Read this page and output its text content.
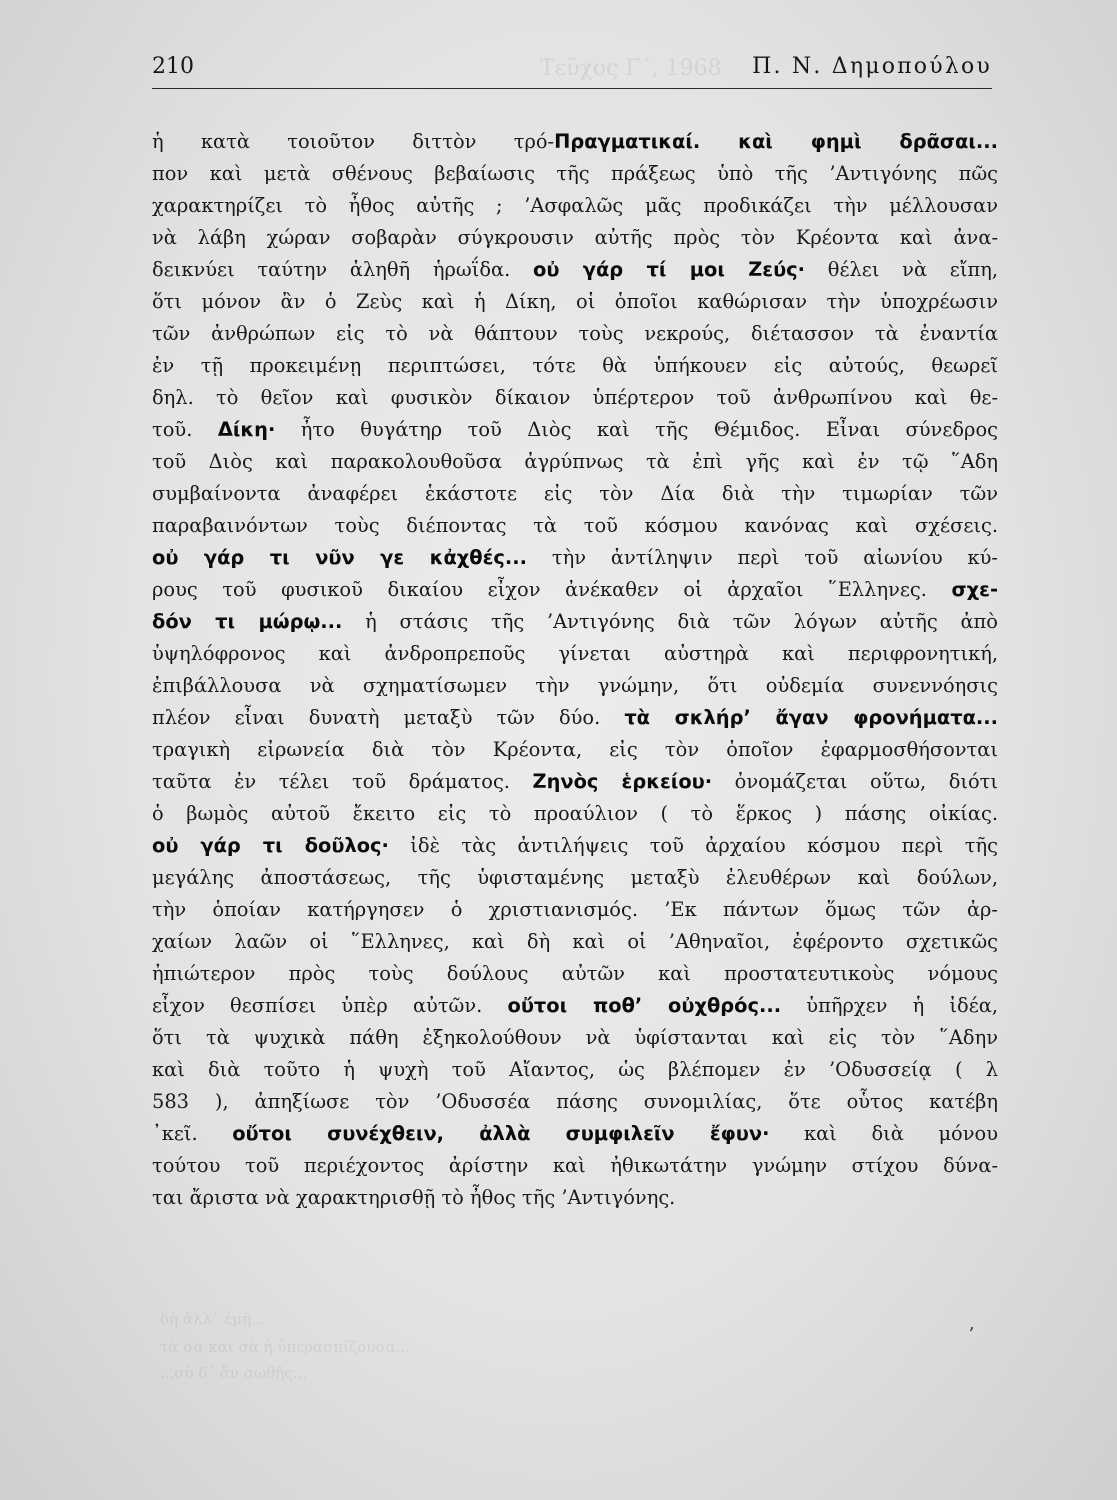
Τεῦχος Γ΄, 1968
δὴ ἀλλ᾿ ἐμῇ...
τὰ σὰ καὶ σὰ ἡ ὑπερασπίζουσα...
...σὺ δ᾿ ἄν σωθῇς...
210	Π. Ν. Δημοπούλου
ἡ κατὰ τοιοῦτον διττὸν τρό-Πραγματικαί. καὶ φημὶ δρᾶσαι...
πον καὶ μετὰ σθένους βεβαίωσις τῆς πράξεως ὑπὸ τῆς ’Αντιγόνης πῶς
χαρακτηρίζει τὸ ἦθος αὐτῆς ; ’Ασφαλῶς μᾶς προδικάζει τὴν μέλλουσαν
νὰ λάβη χώραν σοβαρὰν σύγκρουσιν αὐτῆς πρὸς τὸν Κρέοντα καὶ ἀνα-
δεικνύει ταύτην ἀληθῆ ἡρωΐδα. οὐ γάρ τί μοι Ζεύς· θέλει νὰ εἴπη,
ὅτι μόνον ἂν ὁ Ζεὺς καὶ ἡ Δίκη, οἱ ὁποῖοι καθώρισαν τὴν ὑποχρέωσιν
τῶν ἀνθρώπων εἰς τὸ νὰ θάπτουν τοὺς νεκρούς, διέτασσον τὰ ἐναντία
ἐν τῇ προκειμένῃ περιπτώσει, τότε θὰ ὑπήκουεν εἰς αὐτούς, θεωρεῖ
δηλ. τὸ θεῖον καὶ φυσικὸν δίκαιον ὑπέρτερον τοῦ ἀνθρωπίνου καὶ θε-
τοῦ. Δίκη· ἦτο θυγάτηρ τοῦ Διὸς καὶ τῆς Θέμιδος. Εἶναι σύνεδρος
τοῦ Διὸς καὶ παρακολουθοῦσα ἀγρύπνως τὰ ἐπὶ γῆς καὶ ἐν τῷ ῞Αδη
συμβαίνοντα ἀναφέρει ἑκάστοτε εἰς τὸν Δία διὰ τὴν τιμωρίαν τῶν
παραβαινόντων τοὺς διέποντας τὰ τοῦ κόσμου κανόνας καὶ σχέσεις.
οὐ γάρ τι νῦν γε κἀχθές... τὴν ἀντίληψιν περὶ τοῦ αἰωνίου κύ-
ρους τοῦ φυσικοῦ δικαίου εἶχον ἀνέκαθεν οἱ ἀρχαῖοι ῞Ελληνες. σχε-
δόν τι μώρῳ... ἡ στάσις τῆς ’Αντιγόνης διὰ τῶν λόγων αὐτῆς ἀπὸ
ὑψηλόφρονος καὶ ἀνδροπρεποῦς γίνεται αὐστηρὰ καὶ περιφρονητική,
ἐπιβάλλουσα νὰ σχηματίσωμεν τὴν γνώμην, ὅτι οὐδεμία συνεννόησις
πλέον εἶναι δυνατὴ μεταξὺ τῶν δύο. τὰ σκλήρ’ ἄγαν φρονήματα...
τραγικὴ εἰρωνεία διὰ τὸν Κρέοντα, εἰς τὸν ὁποῖον ἐφαρμοσθήσονται
ταῦτα ἐν τέλει τοῦ δράματος. Ζηνὸς ἑρκείου· ὀνομάζεται οὕτω, διότι
ὁ βωμὸς αὐτοῦ ἔκειτο εἰς τὸ προαύλιον ( τὸ ἕρκος ) πάσης οἰκίας.
οὐ γάρ τι δοῦλος· ἰδὲ τὰς ἀντιλήψεις τοῦ ἀρχαίου κόσμου περὶ τῆς
μεγάλης ἀποστάσεως, τῆς ὑφισταμένης μεταξὺ ἐλευθέρων καὶ δούλων,
τὴν ὁποίαν κατήργησεν ὁ χριστιανισμός. ’Εκ πάντων ὅμως τῶν ἀρ-
χαίων λαῶν οἱ ῞Ελληνες, καὶ δὴ καὶ οἱ ’Αθηναῖοι, ἐφέροντο σχετικῶς
ἠπιώτερον πρὸς τοὺς δούλους αὐτῶν καὶ προστατευτικοὺς νόμους
εἶχον θεσπίσει ὑπὲρ αὐτῶν. οὔτοι ποθ’ οὐχθρός... ὑπῆρχεν ἡ ἰδέα,
ὅτι τὰ ψυχικὰ πάθη ἐξηκολούθουν νὰ ὑφίστανται καὶ εἰς τὸν ῞Αδην
καὶ διὰ τοῦτο ἡ ψυχὴ τοῦ Αἴαντος, ὡς βλέπομεν ἐν ’Οδυσσείᾳ ( λ
583 ), ἀπηξίωσε τὸν ’Οδυσσέα πάσης συνομιλίας, ὅτε οὗτος κατέβη
᾿κεῖ. οὔτοι συνέχθειν, ἀλλὰ συμφιλεῖν ἔφυν· καὶ διὰ μόνου
τούτου τοῦ περιέχοντος ἀρίστην καὶ ἠθικωτάτην γνώμην στίχου δύνα-
ται ἄριστα νὰ χαρακτηρισθῇ τὸ ἦθος τῆς ’Αντιγόνης.
ʼ
